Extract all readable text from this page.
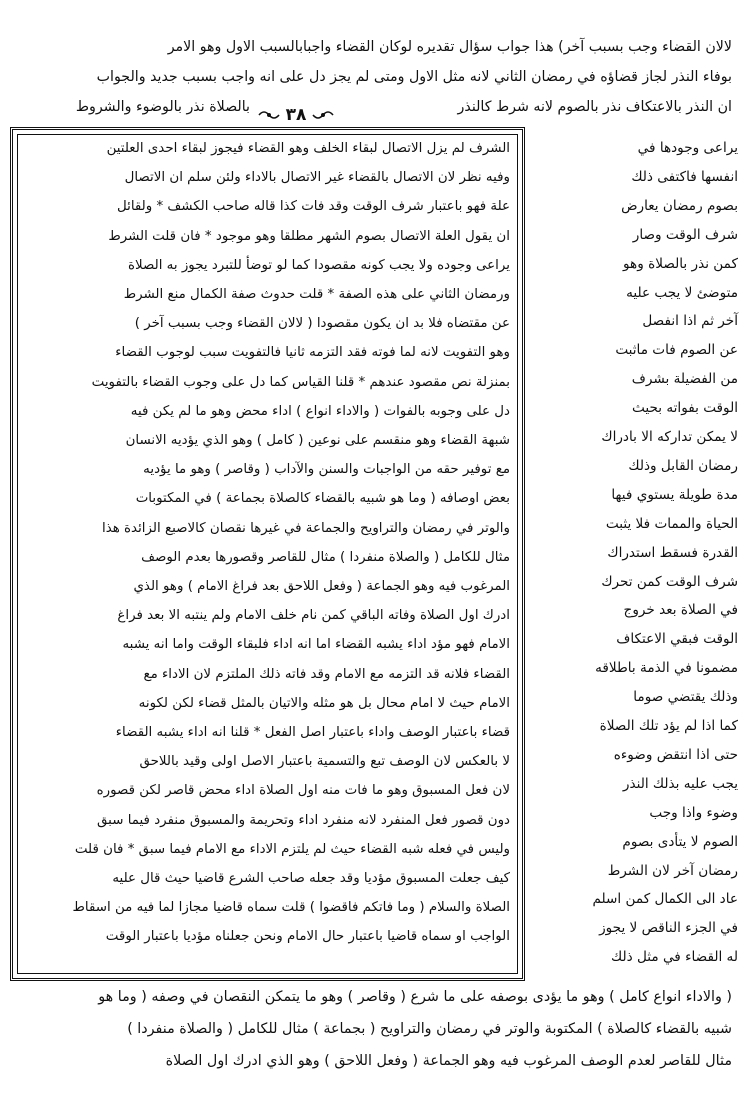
لالان القضاء وجب بسبب آخر) هذا جواب سؤال تقديره لوكان القضاء واجبابالسبب الاول وهو الامر
بوفاء النذر لجاز قضاؤه في رمضان الثاني لانه مثل الاول ومتى لم يجز دل على انه واجب بسبب جديد والجواب
ان النذر بالاعتكاف نذر بالصوم لانه شرط كالنذر
٣٨
بالصلاة نذر بالوضوء والشروط
الشرف لم يزل الاتصال لبقاء الخلف وهو القضاء فيجوز لبقاء احدى العلتين
وفيه نظر لان الاتصال بالقضاء غير الاتصال بالاداء ولئن سلم ان الاتصال
علة فهو باعتبار شرف الوقت وقد فات كذا قاله صاحب الكشف * ولقائل
ان يقول العلة الاتصال بصوم الشهر مطلقا وهو موجود * فان قلت الشرط
يراعى وجوده ولا يجب كونه مقصودا كما لو توضأ للتبرد يجوز به الصلاة
ورمضان الثاني على هذه الصفة * قلت حدوث صفة الكمال منع الشرط
عن مقتضاه فلا بد ان يكون مقصودا ( لالان القضاء وجب بسبب آخر )
وهو التفويت لانه لما فوته فقد التزمه ثانيا فالتفويت سبب لوجوب القضاء
بمنزلة نص مقصود عندهم * قلنا القياس كما دل على وجوب القضاء بالتفويت
دل على وجوبه بالفوات ( والاداء انواع ) اداء محض وهو ما لم يكن فيه
شبهة القضاء وهو منقسم على نوعين ( كامل ) وهو الذي يؤديه الانسان
مع توفير حقه من الواجبات والسنن والآداب ( وقاصر ) وهو ما يؤديه
بعض اوصافه ( وما هو شبيه بالقضاء كالصلاة بجماعة ) في المكتوبات
والوتر في رمضان والتراويح والجماعة في غيرها نقصان كالاصبع الزائدة هذا
مثال للكامل ( والصلاة منفردا ) مثال للقاصر وقصورها بعدم الوصف
المرغوب فيه وهو الجماعة ( وفعل اللاحق بعد فراغ الامام ) وهو الذي
ادرك اول الصلاة وفاته الباقي كمن نام خلف الامام ولم ينتبه الا بعد فراغ
الامام فهو مؤد اداء يشبه القضاء اما انه اداء فلبقاء الوقت واما انه يشبه
القضاء فلانه قد التزمه مع الامام وقد فاته ذلك الملتزم لان الاداء مع
الامام حيث لا امام محال بل هو مثله والاتيان بالمثل قضاء لكن لكونه
قضاء باعتبار الوصف واداء باعتبار اصل الفعل * قلنا انه اداء يشبه القضاء
لا بالعكس لان الوصف تبع والتسمية باعتبار الاصل اولى وقيد باللاحق
لان فعل المسبوق وهو ما فات منه اول الصلاة اداء محض قاصر لكن قصوره
دون قصور فعل المنفرد لانه منفرد اداء وتحريمة والمسبوق منفرد فيما سبق
وليس في فعله شبه القضاء حيث لم يلتزم الاداء مع الامام فيما سبق * فان قلت
كيف جعلت المسبوق مؤديا وقد جعله صاحب الشرع قاضيا حيث قال عليه
الصلاة والسلام ( وما فاتكم فاقضوا ) قلت سماه قاضيا مجازا لما فيه من اسقاط
الواجب او سماه قاضيا باعتبار حال الامام ونحن جعلناه مؤديا باعتبار الوقت
يراعى وجودها في
انفسها فاكتفى ذلك
بصوم رمضان يعارض
شرف الوقت وصار
كمن نذر بالصلاة وهو
متوضئ لا يجب عليه
آخر ثم اذا انفصل
عن الصوم فات ماثبت
من الفضيلة بشرف
الوقت بفواته بحيث
لا يمكن تداركه الا بادراك
رمضان القابل وذلك
مدة طويلة يستوي فيها
الحياة والممات فلا يثبت
القدرة فسقط استدراك
شرف الوقت كمن تحرك
في الصلاة بعد خروج
الوقت فبقي الاعتكاف
مضمونا في الذمة باطلاقه
وذلك يقتضي صوما
كما اذا لم يؤد تلك الصلاة
حتى اذا انتقض وضوءه
يجب عليه بذلك النذر
وضوء واذا وجب
الصوم لا يتأدى بصوم
رمضان آخر لان الشرط
عاد الى الكمال كمن اسلم
في الجزء الناقص لا يجوز
له القضاء في مثل ذلك
( والاداء انواع كامل ) وهو ما يؤدى بوصفه على ما شرع ( وقاصر ) وهو ما يتمكن النقصان في وصفه ( وما هو
شبيه بالقضاء كالصلاة ) المكتوبة والوتر في رمضان والتراويح ( بجماعة ) مثال للكامل ( والصلاة منفردا )
مثال للقاصر لعدم الوصف المرغوب فيه وهو الجماعة ( وفعل اللاحق ) وهو الذي ادرك اول الصلاة
